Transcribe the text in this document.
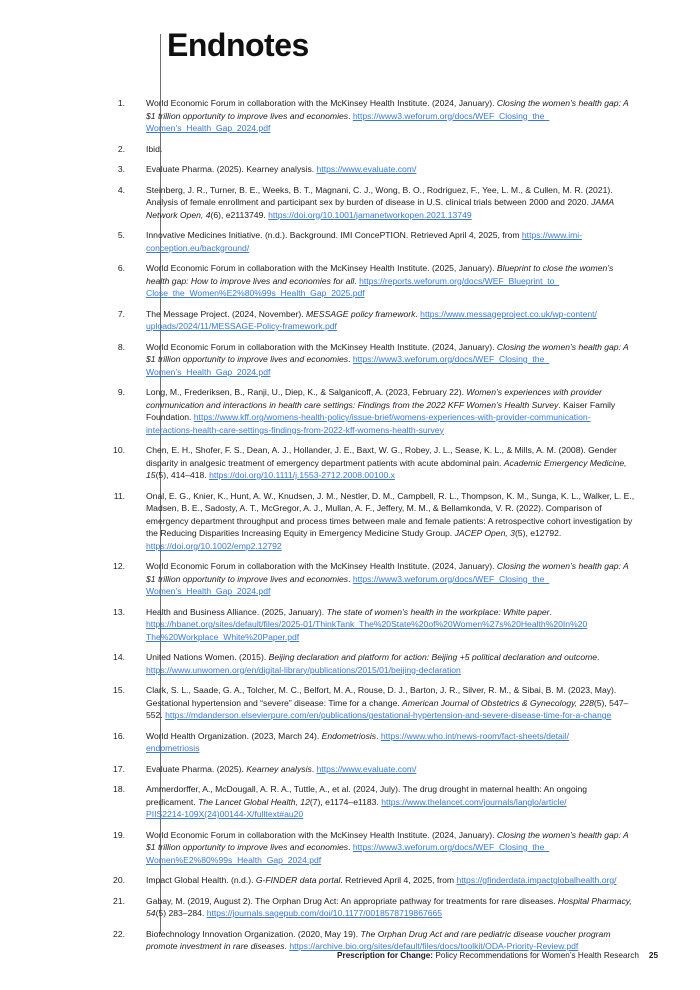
Endnotes
1.	World Economic Forum in collaboration with the McKinsey Health Institute. (2024, January). Closing the women’s health gap: A $1 trillion opportunity to improve lives and economies. https://www3.weforum.org/docs/WEF_Closing_the_
Women’s_Health_Gap_2024.pdf
2.	Ibid.
3.	Evaluate Pharma. (2025). Kearney analysis. https://www.evaluate.com/
4.	Steinberg, J. R., Turner, B. E., Weeks, B. T., Magnani, C. J., Wong, B. O., Rodriguez, F., Yee, L. M., & Cullen, M. R. (2021). Analysis of female enrollment and participant sex by burden of disease in U.S. clinical trials between 2000 and 2020. JAMA Network Open, 4(6), e2113749. https://doi.org/10.1001/jamanetworkopen.2021.13749
5.	Innovative Medicines Initiative. (n.d.). Background. IMI ConcePTION. Retrieved April 4, 2025, from https://www.imi-
conception.eu/background/
6.	World Economic Forum in collaboration with the McKinsey Health Institute. (2025, January). Blueprint to close the women’s health gap: How to improve lives and economies for all. https://reports.weforum.org/docs/WEF_Blueprint_to_
Close_the_Women%E2%80%99s_Health_Gap_2025.pdf
7.	The Message Project. (2024, November). MESSAGE policy framework. https://www.messageproject.co.uk/wp-content/
uploads/2024/11/MESSAGE-Policy-framework.pdf
8.	World Economic Forum in collaboration with the McKinsey Health Institute. (2024, January). Closing the women’s health gap: A $1 trillion opportunity to improve lives and economies. https://www3.weforum.org/docs/WEF_Closing_the_
Women’s_Health_Gap_2024.pdf
9.	Long, M., Frederiksen, B., Ranji, U., Diep, K., & Salganicoff, A. (2023, February 22). Women’s experiences with provider communication and interactions in health care settings: Findings from the 2022 KFF Women’s Health Survey. Kaiser Family Foundation. https://www.kff.org/womens-health-policy/issue-brief/womens-experiences-with-provider-communication-interactions-health-care-settings-findings-from-2022-kff-womens-health-survey
10.	Chen, E. H., Shofer, F. S., Dean, A. J., Hollander, J. E., Baxt, W. G., Robey, J. L., Sease, K. L., & Mills, A. M. (2008). Gender disparity in analgesic treatment of emergency department patients with acute abdominal pain. Academic Emergency Medicine, 15(5), 414–418. https://doi.org/10.1111/j.1553-2712.2008.00100.x
11.	Onal, E. G., Knier, K., Hunt, A. W., Knudsen, J. M., Nestler, D. M., Campbell, R. L., Thompson, K. M., Sunga, K. L., Walker, L. E., Madsen, B. E., Sadosty, A. T., McGregor, A. J., Mullan, A. F., Jeffery, M. M., & Bellamkonda, V. R. (2022). Comparison of emergency department throughput and process times between male and female patients: A retrospective cohort investigation by the Reducing Disparities Increasing Equity in Emergency Medicine Study Group. JACEP Open, 3(5), e12792. https://doi.org/10.1002/emp2.12792
12.	World Economic Forum in collaboration with the McKinsey Health Institute. (2024, January). Closing the women’s health gap: A $1 trillion opportunity to improve lives and economies. https://www3.weforum.org/docs/WEF_Closing_the_
Women’s_Health_Gap_2024.pdf
13.	Health and Business Alliance. (2025, January). The state of women’s health in the workplace: White paper.
https://hbanet.org/sites/default/files/2025-01/ThinkTank_The%20State%20of%20Women%27s%20Health%20In%20
The%20Workplace_White%20Paper.pdf
14.	United Nations Women. (2015). Beijing declaration and platform for action: Beijing +5 political declaration and outcome.
https://www.unwomen.org/en/digital-library/publications/2015/01/beijing-declaration
15.	Clark, S. L., Saade, G. A., Tolcher, M. C., Belfort, M. A., Rouse, D. J., Barton, J. R., Silver, R. M., & Sibai, B. M. (2023, May). Gestational hypertension and “severe” disease: Time for a change. American Journal of Obstetrics & Gynecology, 228(5), 547–552. https://mdanderson.elsevierpure.com/en/publications/gestational-hypertension-and-severe-disease-time-for-a-change
16.	World Health Organization. (2023, March 24). Endometriosis. https://www.who.int/news-room/fact-sheets/detail/
endometriosis
17.	Evaluate Pharma. (2025). Kearney analysis. https://www.evaluate.com/
18.	Ammerdorffer, A., McDougall, A. R. A., Tuttle, A., et al. (2024, July). The drug drought in maternal health: An ongoing predicament. The Lancet Global Health, 12(7), e1174–e1183. https://www.thelancet.com/journals/langlo/article/
PIIS2214-109X(24)00144-X/fulltext#au20
19.	World Economic Forum in collaboration with the McKinsey Health Institute. (2024, January). Closing the women’s health gap: A $1 trillion opportunity to improve lives and economies. https://www3.weforum.org/docs/WEF_Closing_the_
Women%E2%80%99s_Health_Gap_2024.pdf
20.	Impact Global Health. (n.d.). G-FINDER data portal. Retrieved April 4, 2025, from https://gfinderdata.impactglobalhealth.org/
21.	Gabay, M. (2019, August 2). The Orphan Drug Act: An appropriate pathway for treatments for rare diseases. Hospital Pharmacy, 54(5) 283–284. https://journals.sagepub.com/doi/10.1177/0018578719867665
22.	Biotechnology Innovation Organization. (2020, May 19). The Orphan Drug Act and rare pediatric disease voucher program promote investment in rare diseases. https://archive.bio.org/sites/default/files/docs/toolkit/ODA-Priority-Review.pdf
Prescription for Change: Policy Recommendations for Women’s Health Research 25
